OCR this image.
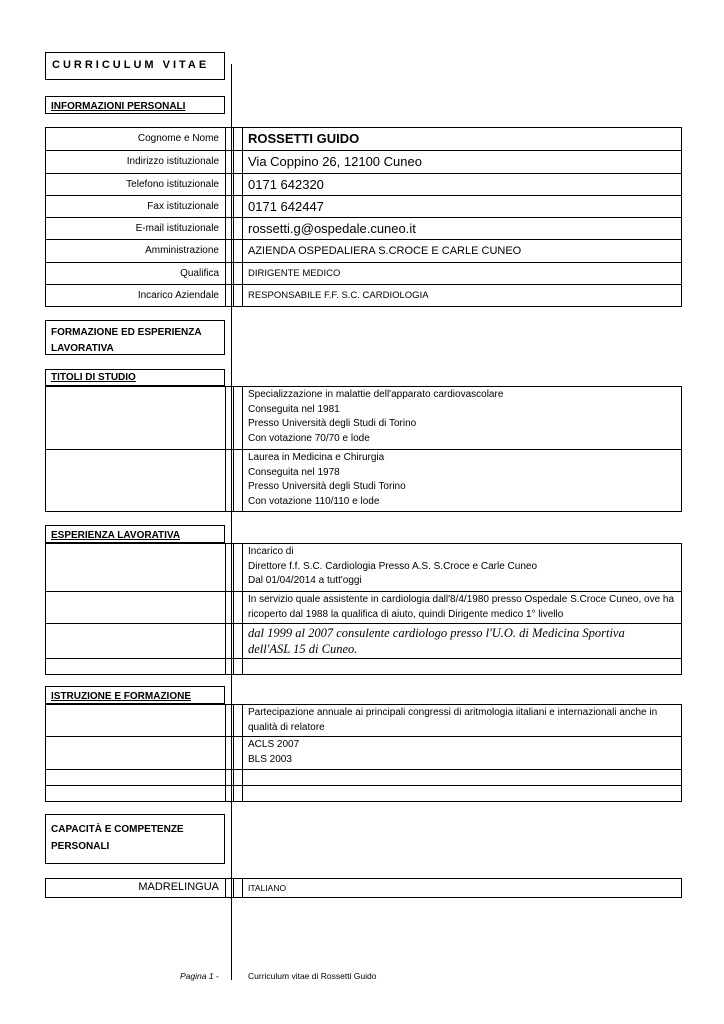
CURRICULUM VITAE
INFORMAZIONI PERSONALI
Cognome e Nome	ROSSETTI GUIDO
Indirizzo istituzionale	Via Coppino 26, 12100 Cuneo
Telefono istituzionale	0171 642320
Fax istituzionale	0171 642447
E-mail istituzionale	rossetti.g@ospedale.cuneo.it
Amministrazione	AZIENDA OSPEDALIERA S.CROCE E CARLE CUNEO
Qualifica	DIRIGENTE MEDICO
Incarico Aziendale	RESPONSABILE F.F. S.C. CARDIOLOGIA
FORMAZIONE ED ESPERIENZA LAVORATIVA
TITOLI DI STUDIO
Specializzazione in malattie dell'apparato cardiovascolare
Conseguita nel 1981
Presso Università degli Studi di Torino
Con votazione 70/70 e lode
Laurea in Medicina e Chirurgia
Conseguita nel 1978
Presso Università degli Studi Torino
Con votazione 110/110 e lode
ESPERIENZA LAVORATIVA
Incarico di
Direttore f.f. S.C. Cardiologia Presso A.S. S.Croce e Carle Cuneo
Dal 01/04/2014 a tutt'oggi
In servizio quale assistente in cardiologia dall'8/4/1980 presso Ospedale S.Croce Cuneo, ove ha
ricoperto dal 1988 la qualifica di aiuto, quindi Dirigente medico 1° livello
dal 1999 al 2007 consulente cardiologo presso l'U.O. di Medicina Sportiva
dell'ASL 15 di Cuneo.
ISTRUZIONE E FORMAZIONE
Partecipazione annuale ai principali congressi di aritmologia iitaliani e internazionali anche in
qualità di relatore
ACLS 2007
BLS 2003
CAPACITÀ E COMPETENZE PERSONALI
MADRELINGUA	ITALIANO
Pagina 1 -	Curriculum vitae di Rossetti Guido
